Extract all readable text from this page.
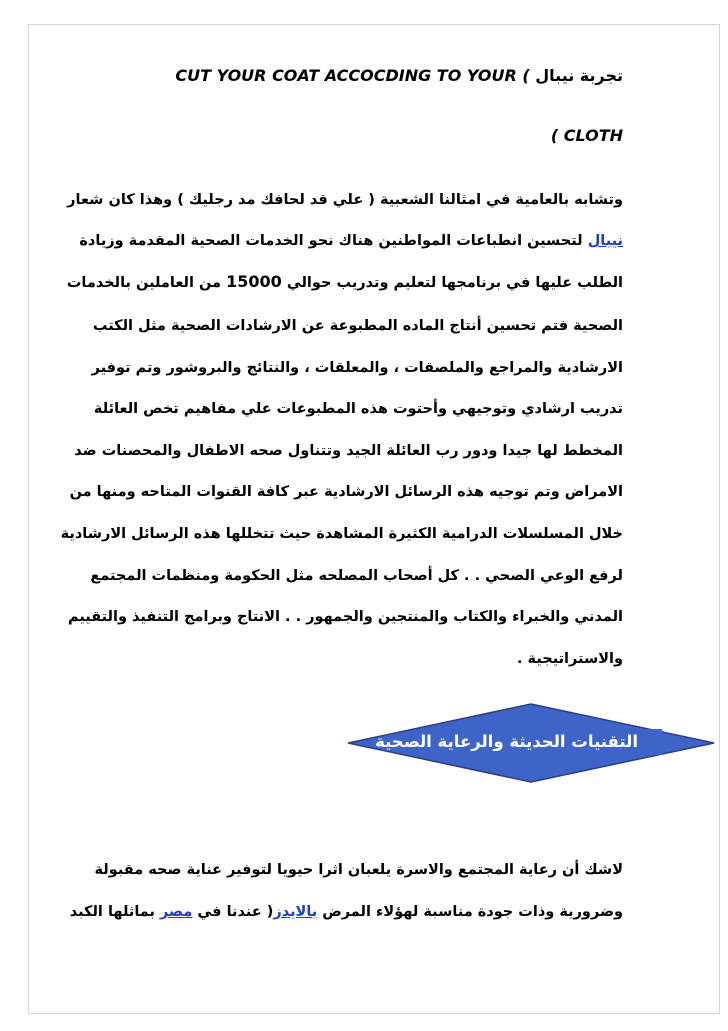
CUT YOUR COAT ACCOCDING TO YOUR ( تجربة نيبال
( CLOTH
وتشابه بالعامية في امثالنا الشعبية ( علي قد لحافك مد رجليك ) وهذا كان شعار
نيبال لتحسين انطباعات المواطنين هناك نحو الخدمات الصحية المقدمة وزيادة
الطلب عليها في برنامجها لتعليم وتدريب حوالي 15000 من العاملين بالخدمات
الصحية فتم تحسين أنتاج الماده المطبوعة عن الارشادات الصحية مثل الكتب
الارشادية والمراجع والملصقات ، والمعلقات ، والنتائج والبروشور وتم توفير
تدريب ارشادي وتوجيهي وأحتوت هذه المطبوعات علي مفاهيم تخص العائلة
المخطط لها جيدا ودور رب العائلة الجيد وتتناول صحه الاطفال والمحصنات ضد
الامراض وتم توجيه هذه الرسائل الارشادية عبر كافة القنوات المتاحه ومنها من
خلال المسلسلات الدرامية الكثيرة المشاهدة حيث تتخللها هذه الرسائل الارشادية
لرفع الوعي الصحي . . كل أصحاب المصلحه مثل الحكومة ومنظمات المجتمع
المدني والخبراء والكتاب والمنتجين والجمهور . . الانتاج وبرامج التنفيذ والتقييم
والاستراتيجية .
التقنيات الحديثة والرعاية الصحية
لاشك أن رعاية المجتمع والاسرة يلعبان اثرا حيويا لتوفير عناية صحه مقبولة
وضرورية وذات جودة مناسبة لهؤلاء المرض بالايدز( عندنا في مصر بماثلها الكبد
